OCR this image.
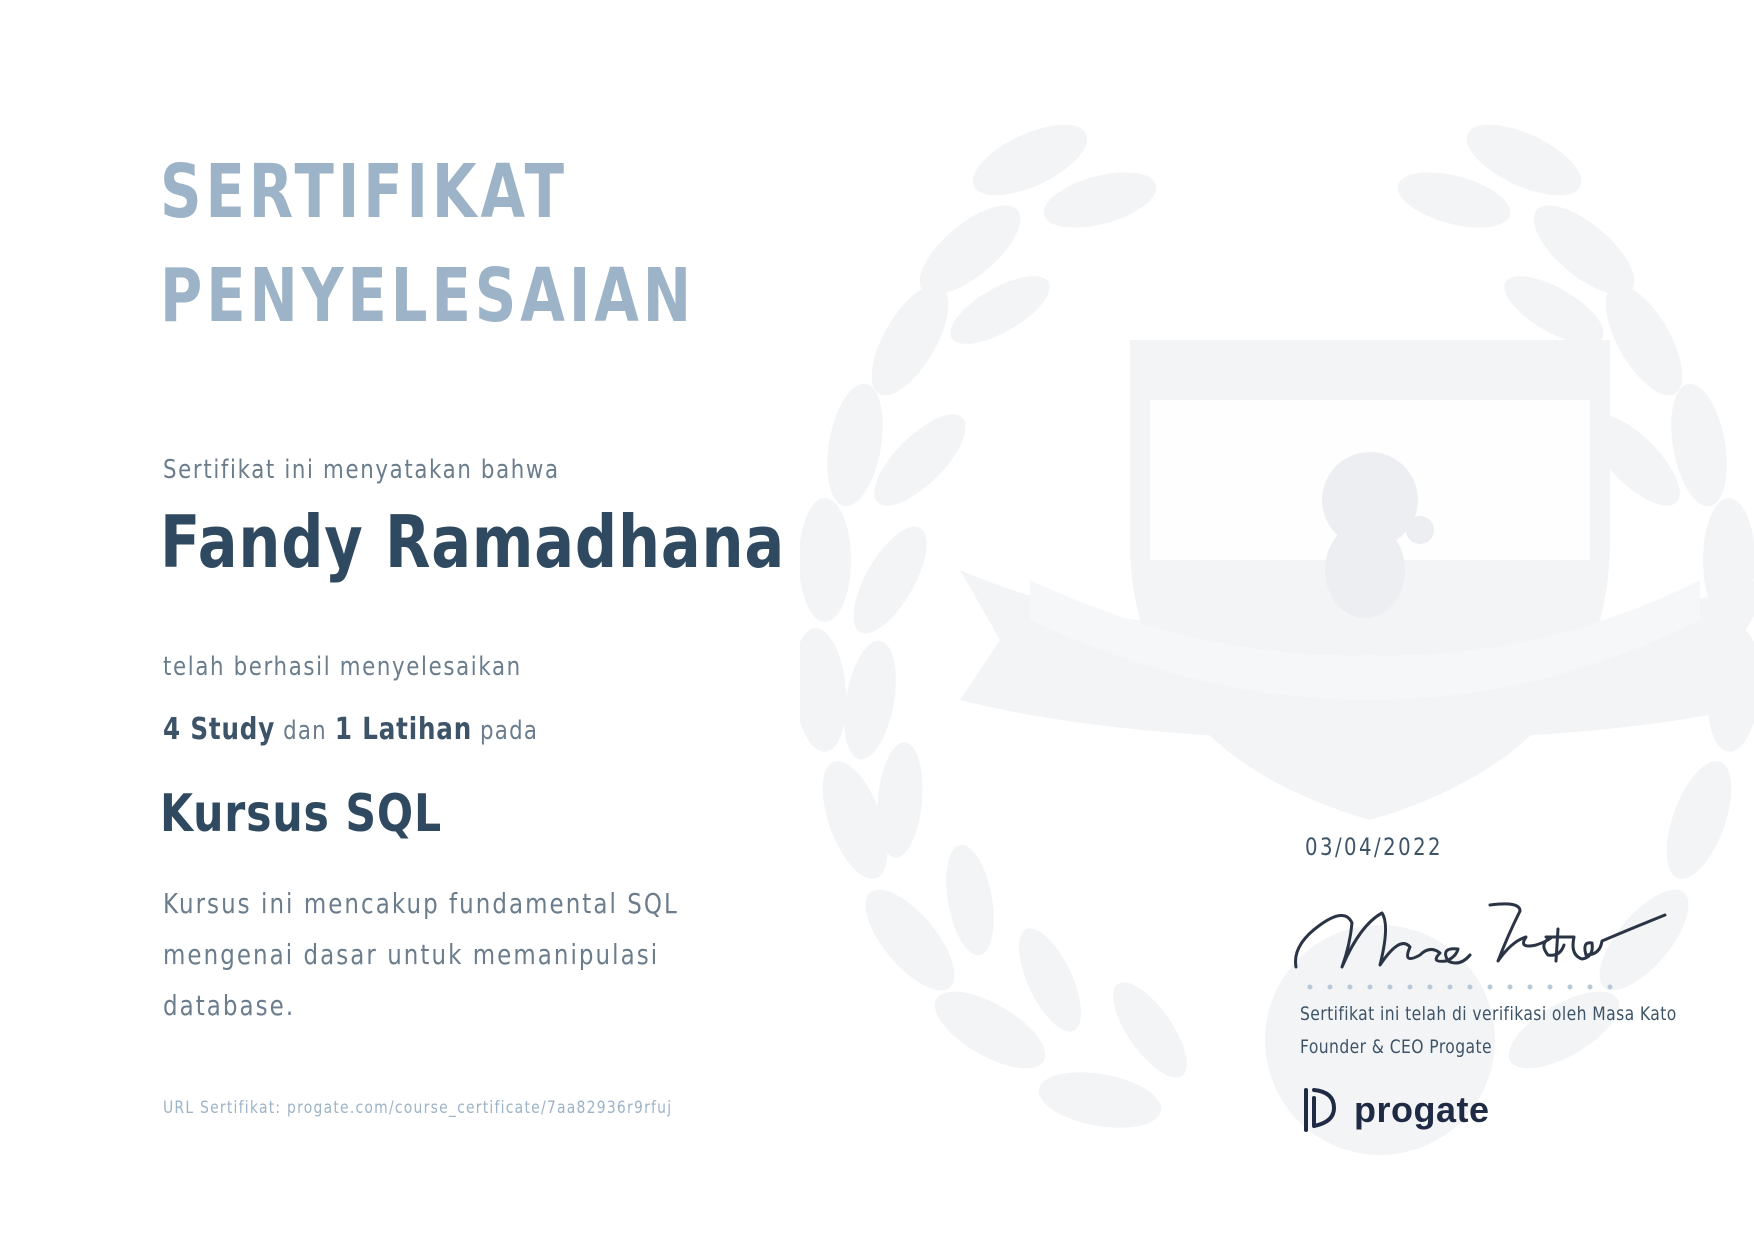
SERTIFIKAT
PENYELESAIAN
Sertifikat ini menyatakan bahwa
Fandy Ramadhana
telah berhasil menyelesaikan
4 Study dan 1 Latihan pada
Kursus SQL
Kursus ini mencakup fundamental SQL
mengenai dasar untuk memanipulasi
database.
URL Sertifikat: progate.com/course_certificate/7aa82936r9rfuj
03/04/2022
Sertifikat ini telah di verifikasi oleh Masa Kato
Founder & CEO Progate
progate
